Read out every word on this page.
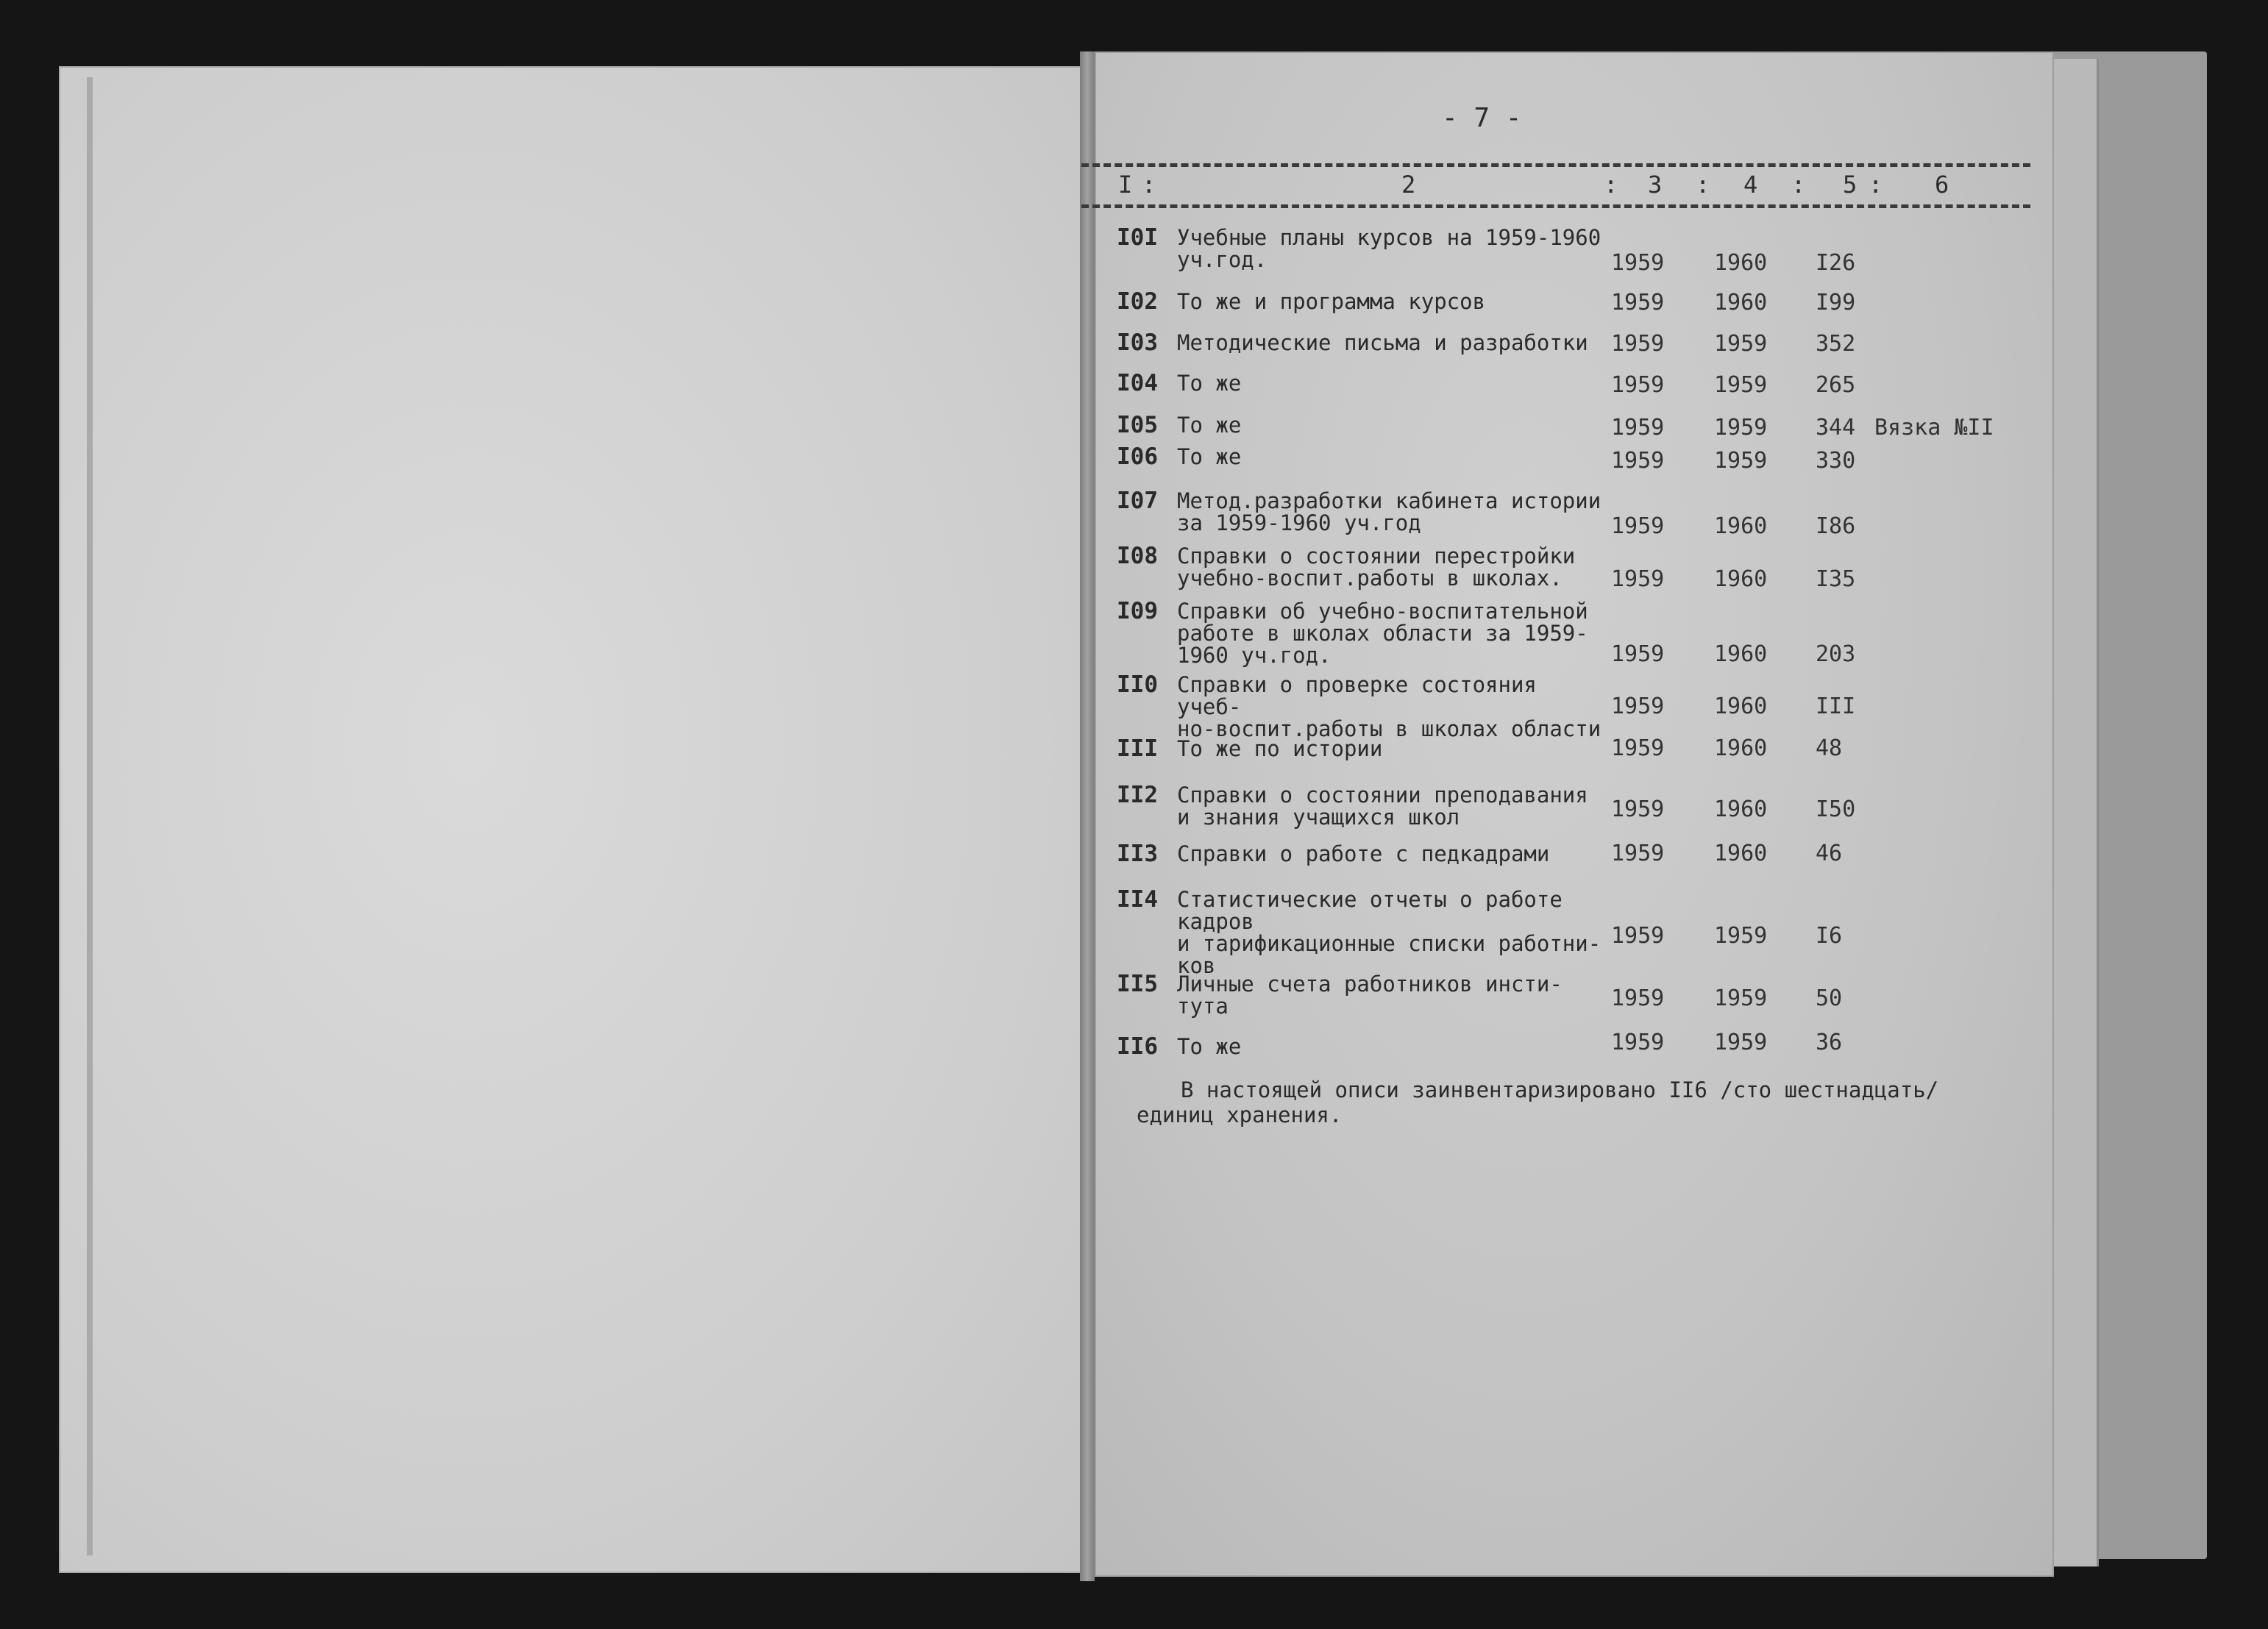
- 7 -
I :	2	: 3 : 4 : 5 : 6
I0I Учебные планы курсов на 1959-1960
уч.год.	1959 1960 I26
I02 То же и программа курсов	1959 1960 I99
I03 Методические письма и разработки	1959 1959 352
I04 То же	1959 1959 265
I05 То же	1959 1959 344 Вязка №II
I06 То же	1959 1959 330
I07 Метод.разработки кабинета истории
за 1959-1960 уч.год	1959 1960 I86
I08 Справки о состоянии перестройки
учебно-воспит.работы в школах.	1959 1960 I35
I09 Справки об учебно-воспитательной
работе в школах области за 1959-
1960 уч.год.	1959 1960 203
II0 Справки о проверке состояния учеб-
но-воспит.работы в школах области
1959 1960 III
III То же по истории	1959 1960 48
II2 Справки о состоянии преподавания
и знания учащихся школ	1959 1960 I50
II3 Справки о работе с педкадрами	1959 1960 46
II4 Статистические отчеты о работе кадров
и тарификационные списки работни-
ков
1959 1959 I6
II5 Личные счета работников инсти-
тута	1959 1959 50
II6 То же	1959 1959 36
В настоящей описи заинвентаризировано II6 /сто шестнадцать/ единиц хранения.
